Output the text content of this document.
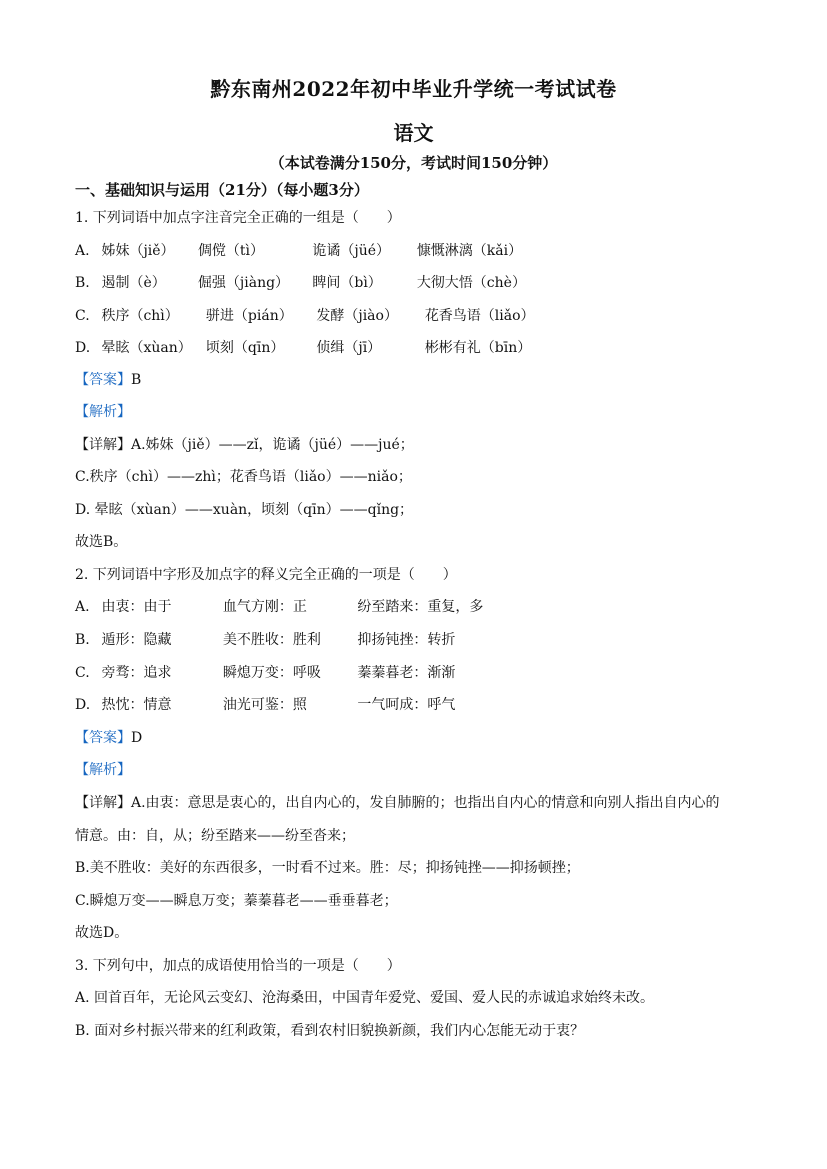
黔东南州2022年初中毕业升学统一考试试卷
语文
（本试卷满分150分，考试时间150分钟）
一、基础知识与运用（21分）（每小题3分）
1. 下列词语中加点字注音完全正确的一组是（　　）
A. 姊妹（jiě） 倜傥（tì）	诡谲（jüé） 慷慨淋漓（kǎi）
B. 遏制（è） 倔强（jiàng） 睥间（bì）	大彻大悟（chè）
C. 秩序（chì） 骈进（pián） 发酵（jiào） 花香鸟语（liǎo）
D. 晕眩（xùan） 顷刻（qīn） 侦缉（jī）	彬彬有礼（bīn）
【答案】B
【解析】
【详解】A.姊妹（jiě）——zǐ，诡谲（jüé）——jué；
C.秩序（chì）——zhì；花香鸟语（liǎo）——niǎo；
D. 晕眩（xùan）——xuàn，顷刻（qīn）——qǐng；
故选B。
2. 下列词语中字形及加点字的释义完全正确的一项是（　　）
A. 由衷：由于	血气方刚：正	纷至踏来：重复，多
B. 遁形：隐藏	美不胜收：胜利	抑扬钝挫：转折
C. 旁骛：追求	瞬熄万变：呼吸	蓁蓁暮老：渐渐
D. 热忱：情意	油光可鉴：照	一气呵成：呼气
【答案】D
【解析】
【详解】A.由衷：意思是衷心的，出自内心的，发自肺腑的；也指出自内心的情意和向别人指出自内心的
情意。由：自，从；纷至踏来——纷至沓来；
B.美不胜收：美好的东西很多，一时看不过来。胜：尽；抑扬钝挫——抑扬顿挫；
C.瞬熄万变——瞬息万变；蓁蓁暮老——垂垂暮老；
故选D。
3. 下列句中，加点的成语使用恰当的一项是（　　）
A. 回首百年，无论风云变幻、沧海桑田，中国青年爱党、爱国、爱人民的赤诚追求始终未改。
B. 面对乡村振兴带来的红利政策，看到农村旧貌换新颜，我们内心怎能无动于衷？
